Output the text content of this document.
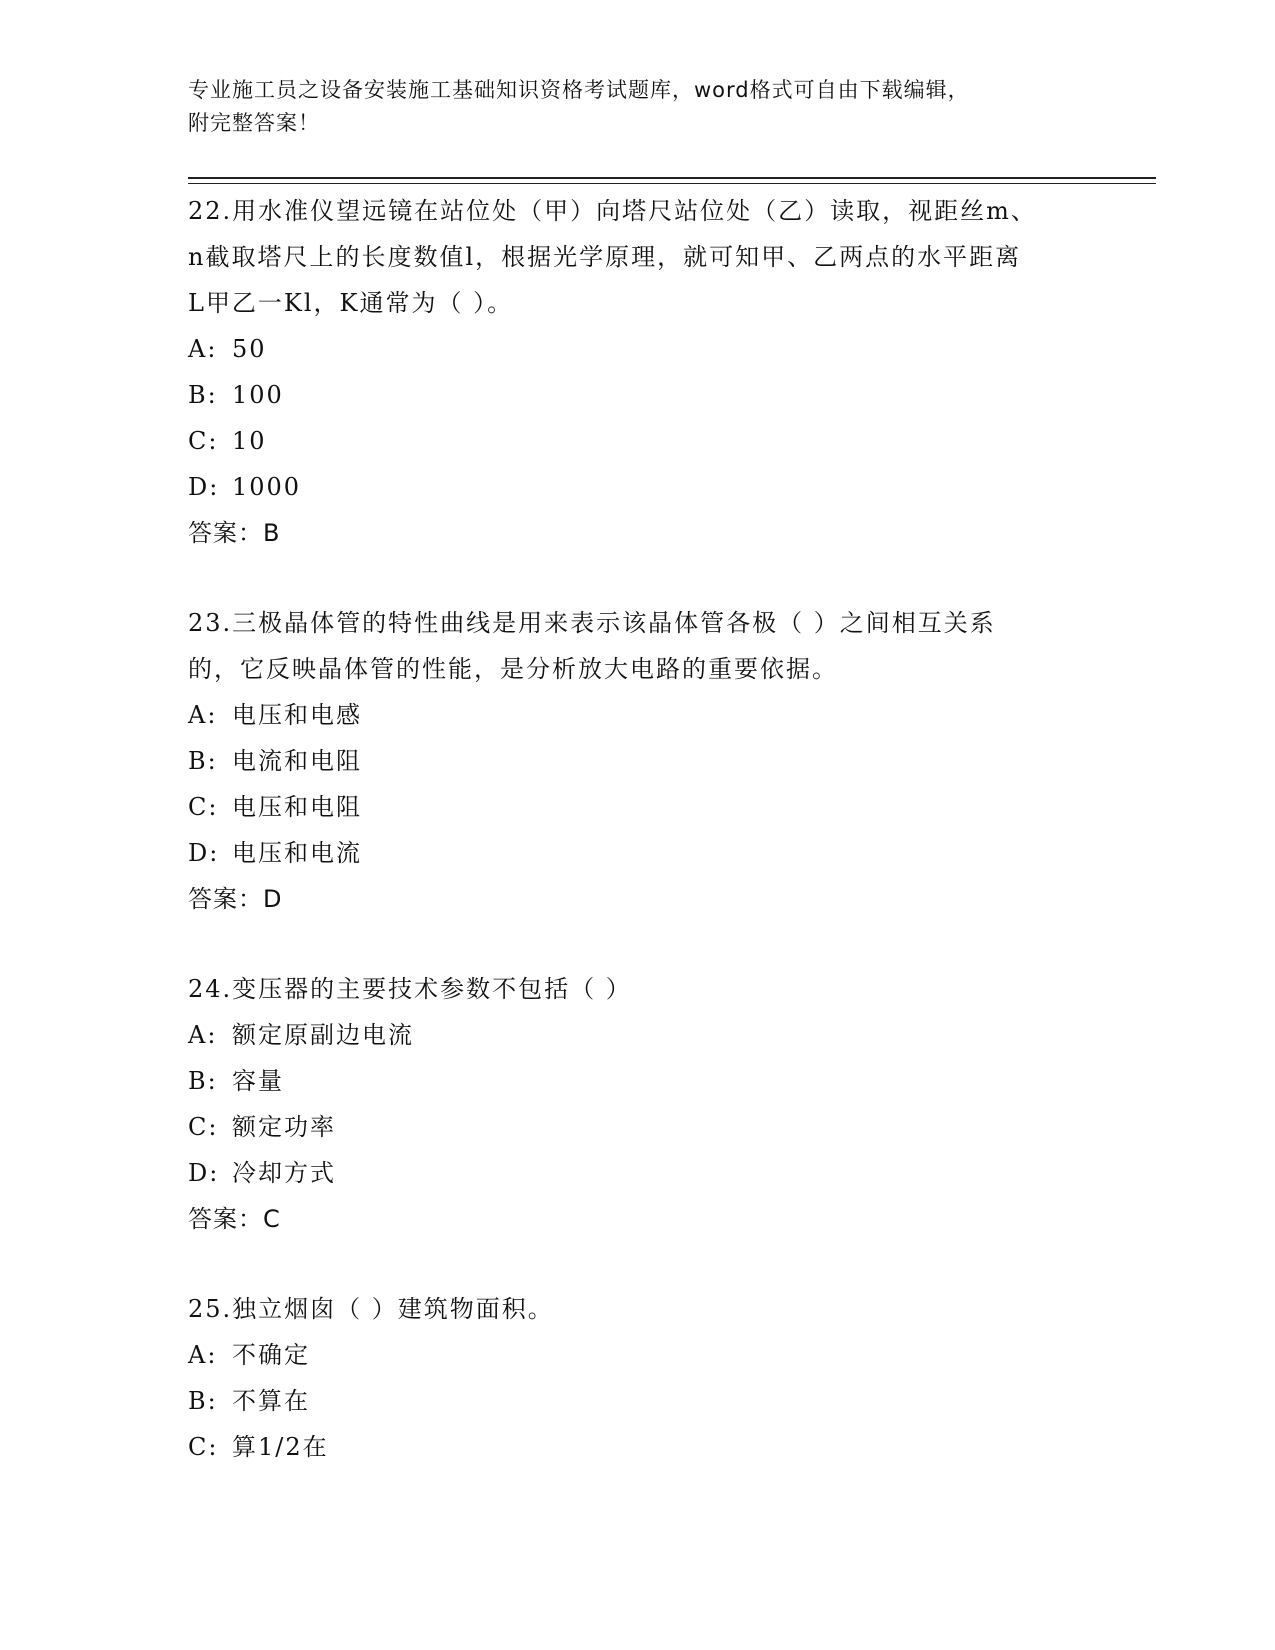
专业施工员之设备安装施工基础知识资格考试题库，word格式可自由下载编辑，
附完整答案！

22.用水准仪望远镜在站位处（甲）向塔尺站位处（乙）读取，视距丝m、n截取塔尺上的长度数值l，根据光学原理，就可知甲、乙两点的水平距离L甲乙一Kl，K通常为（ ）。

A: 50

B: 100

C: 10

D: 1000

答案：B

23.三极晶体管的特性曲线是用来表示该晶体管各极（ ）之间相互关系的，它反映晶体管的性能，是分析放大电路的重要依据。

A: 电压和电感

B: 电流和电阻

C: 电压和电阻

D: 电压和电流

答案：D

24.变压器的主要技术参数不包括（ ）

A: 额定原副边电流

B: 容量

C: 额定功率

D: 冷却方式

答案：C

25.独立烟囱（ ）建筑物面积。

A: 不确定

B: 不算在

C: 算1/2在
